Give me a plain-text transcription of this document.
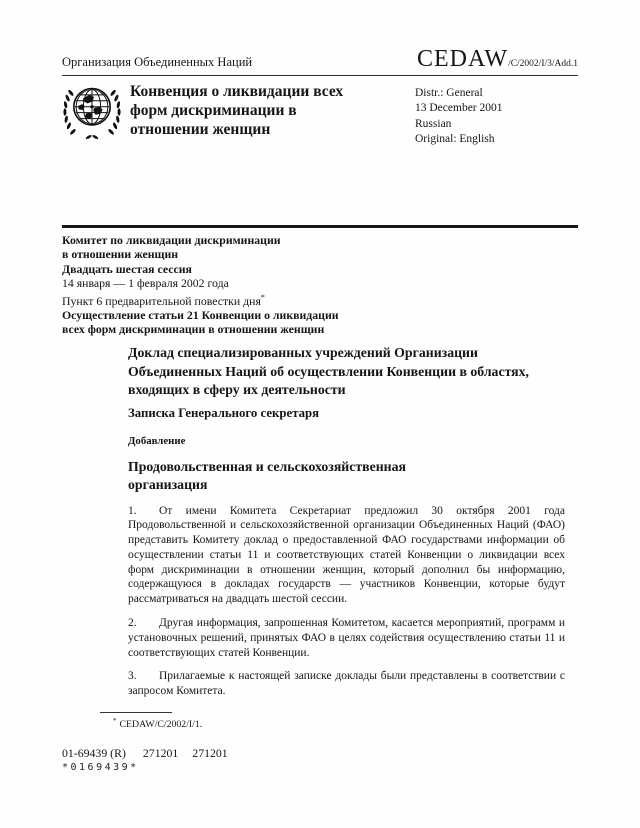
Организация Объединенных Наций	CEDAW /C/2002/I/3/Add.1
Конвенция о ликвидации всех форм дискриминации в отношении женщин
Distr.: General
13 December 2001
Russian
Original: English
Комитет по ликвидации дискриминации
в отношении женщин
Двадцать шестая сессия
14 января — 1 февраля 2002 года
Пункт 6 предварительной повестки дня*
Осуществление статьи 21 Конвенции о ликвидации
всех форм дискриминации в отношении женщин
Доклад специализированных учреждений Организации Объединенных Наций об осуществлении Конвенции в областях, входящих в сферу их деятельности
Записка Генерального секретаря
Добавление
Продовольственная и сельскохозяйственная организация
1. От имени Комитета Секретариат предложил 30 октября 2001 года Продовольственной и сельскохозяйственной организации Объединенных Наций (ФАО) представить Комитету доклад о предоставленной ФАО государствами информации об осуществлении статьи 11 и соответствующих статей Конвенции о ликвидации всех форм дискриминации в отношении женщин, который дополнил бы информацию, содержащуюся в докладах государств — участников Конвенции, которые будут рассматриваться на двадцать шестой сессии.
2. Другая информация, запрошенная Комитетом, касается мероприятий, программ и установочных решений, принятых ФАО в целях содействия осуществлению статьи 11 и соответствующих статей Конвенции.
3. Прилагаемые к настоящей записке доклады были представлены в соответствии с запросом Комитета.
* CEDAW/C/2002/I/1.
01-69439 (R) 271201 271201
*0169439*
